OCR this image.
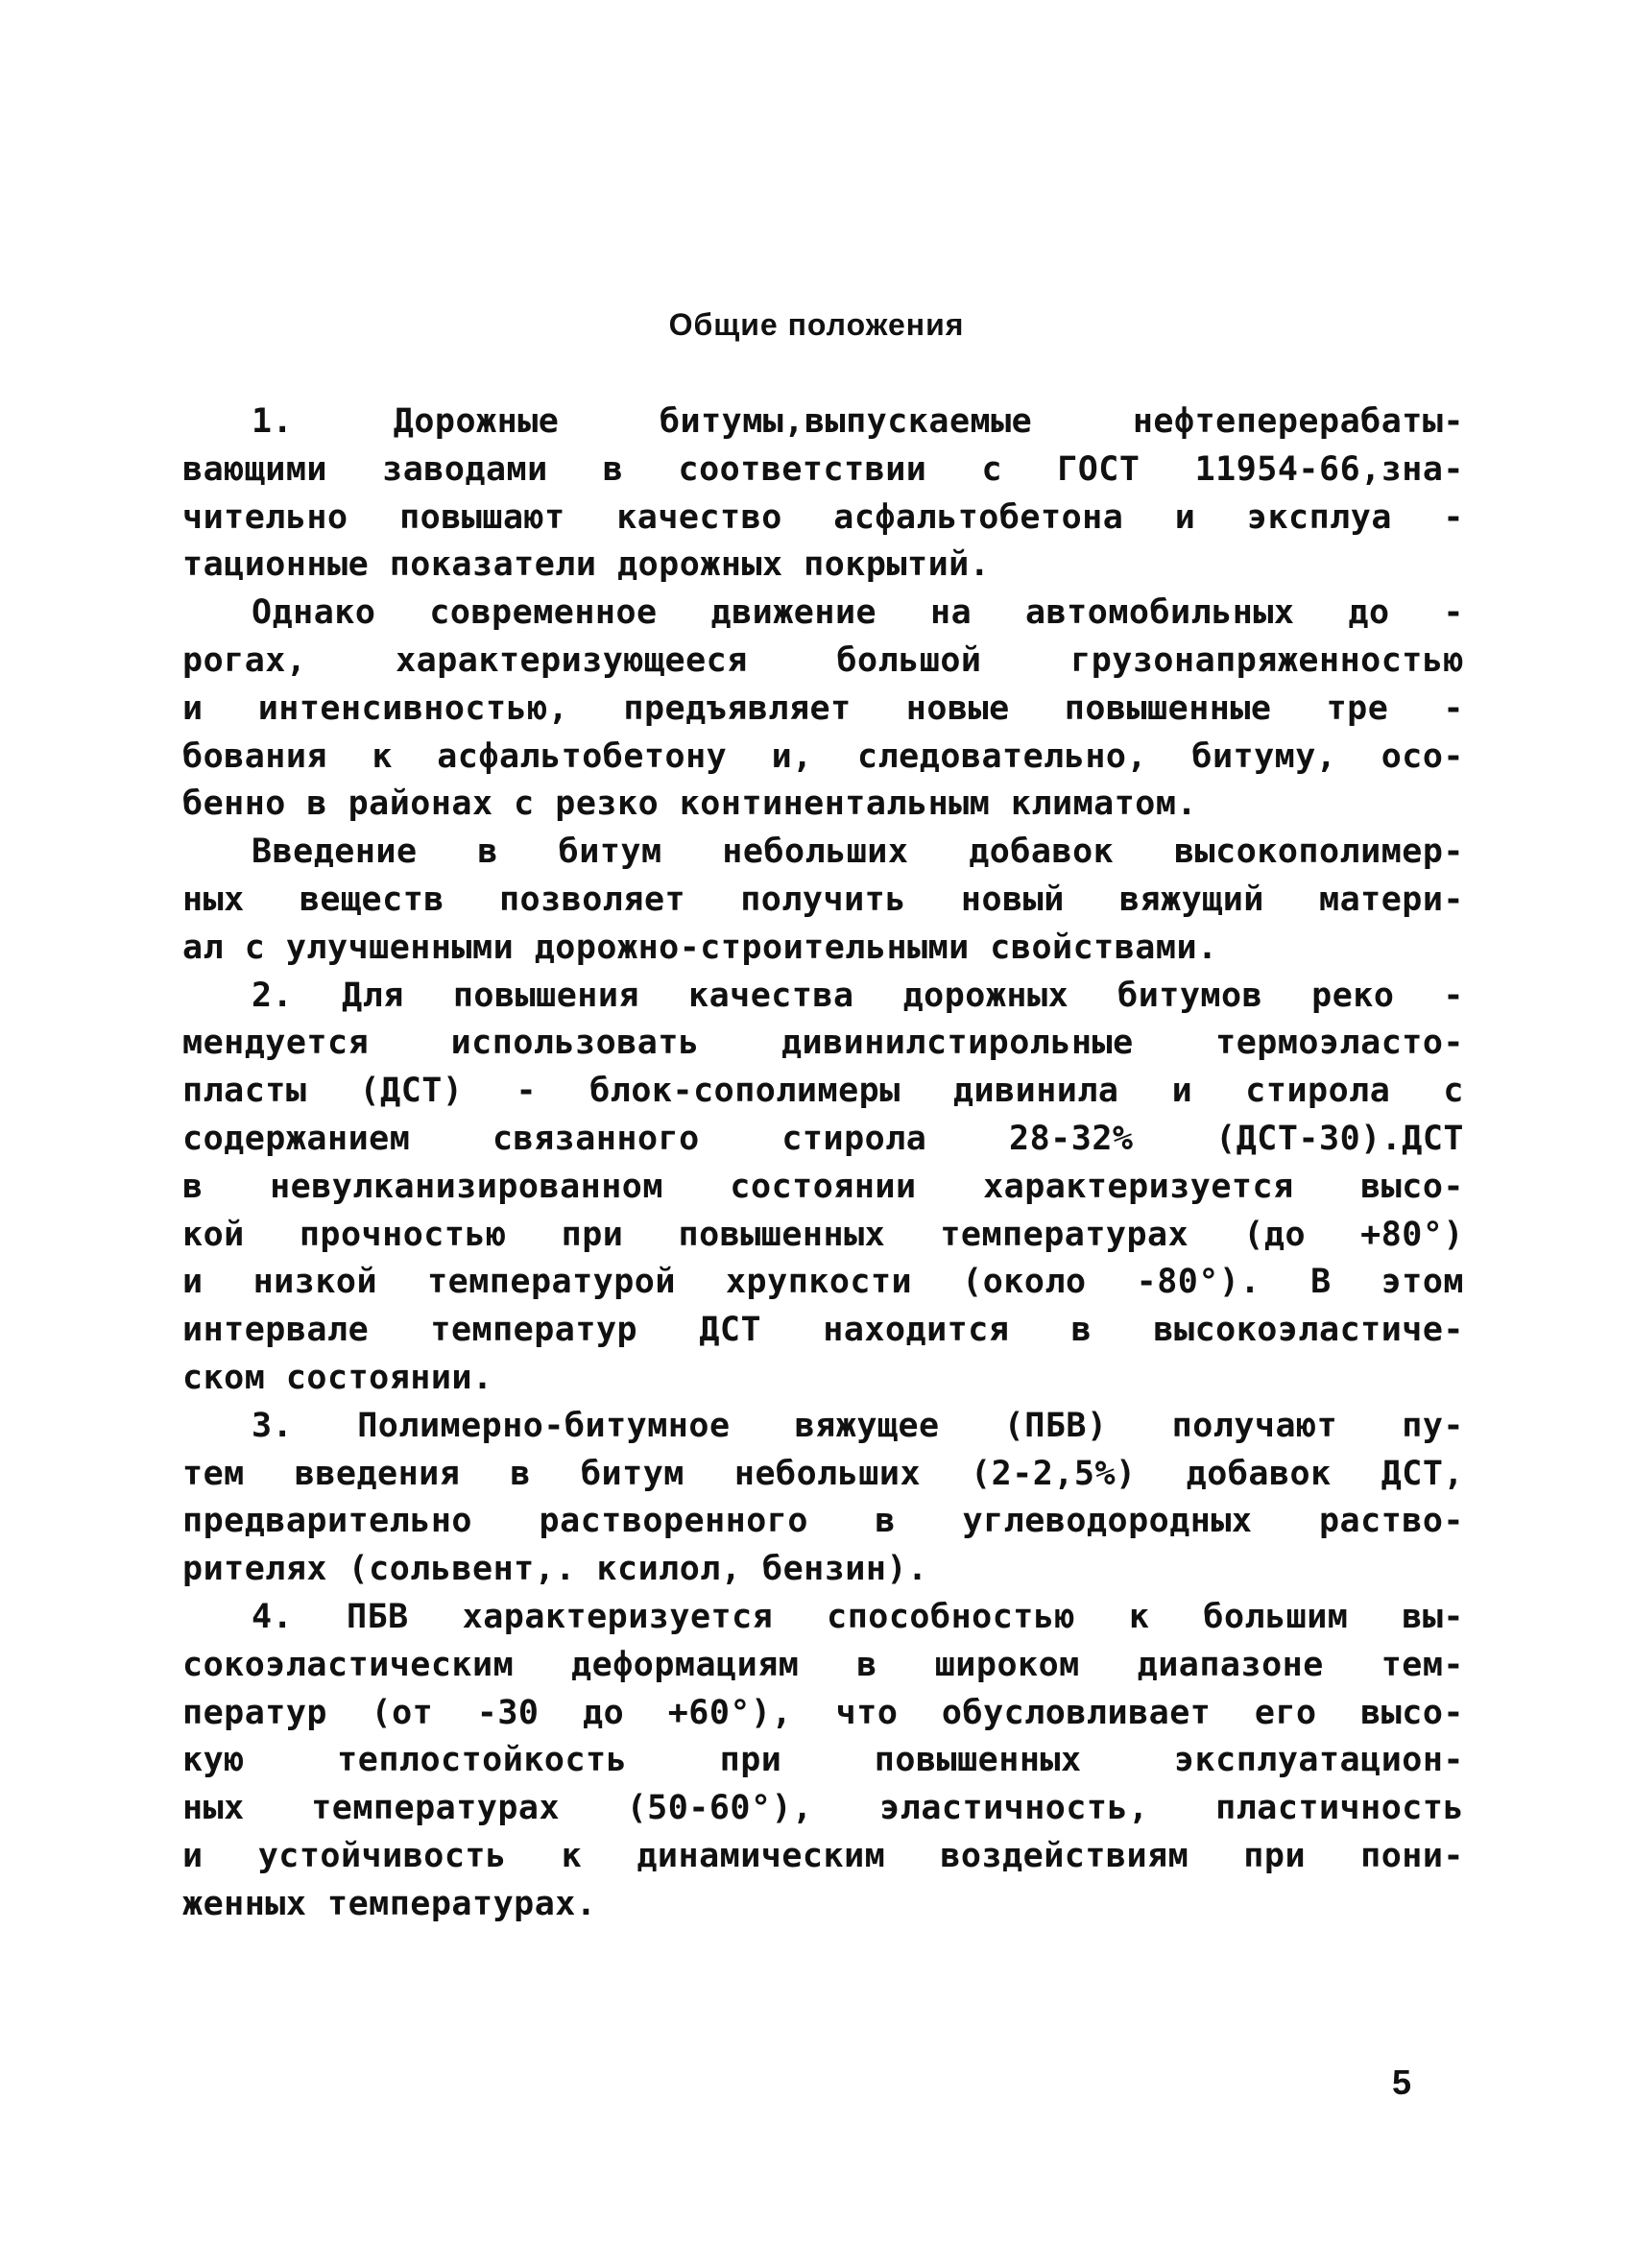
Общие положения
1. Дорожные битумы,выпускаемые нефтеперерабаты-
вающими заводами в соответствии с ГОСТ 11954-66,зна-
чительно повышают качество асфальтобетона и эксплуа -
тационные показатели дорожных покрытий.
Однако современное движение на автомобильных до -
рогах, характеризующееся большой грузонапряженностью
и интенсивностью, предъявляет новые повышенные тре -
бования к асфальтобетону и, следовательно, битуму, осо-
бенно в районах с резко континентальным климатом.
Введение в битум небольших добавок высокополимер-
ных веществ позволяет получить новый вяжущий матери-
ал с улучшенными дорожно-строительными свойствами.
2. Для повышения качества дорожных битумов реко -
мендуется использовать дивинилстирольные термоэласто-
пласты (ДСТ) - блок-сополимеры дивинила и стирола с
содержанием связанного стирола 28-32% (ДСТ-30).ДСТ
в невулканизированном состоянии характеризуется высо-
кой прочностью при повышенных температурах (до +80°)
и низкой температурой хрупкости (около -80°). В этом
интервале температур ДСТ находится в высокоэластиче-
ском состоянии.
3. Полимерно-битумное вяжущее (ПБВ) получают пу-
тем введения в битум небольших (2-2,5%) добавок ДСТ,
предварительно растворенного в углеводородных раство-
рителях (сольвент,. ксилол, бензин).
4. ПБВ характеризуется способностью к большим вы-
сокоэластическим деформациям в широком диапазоне тем-
ператур (от -30 до +60°), что обусловливает его высо-
кую теплостойкость при повышенных эксплуатацион-
ных температурах (50-60°), эластичность, пластичность
и устойчивость к динамическим воздействиям при пони-
женных температурах.
5
